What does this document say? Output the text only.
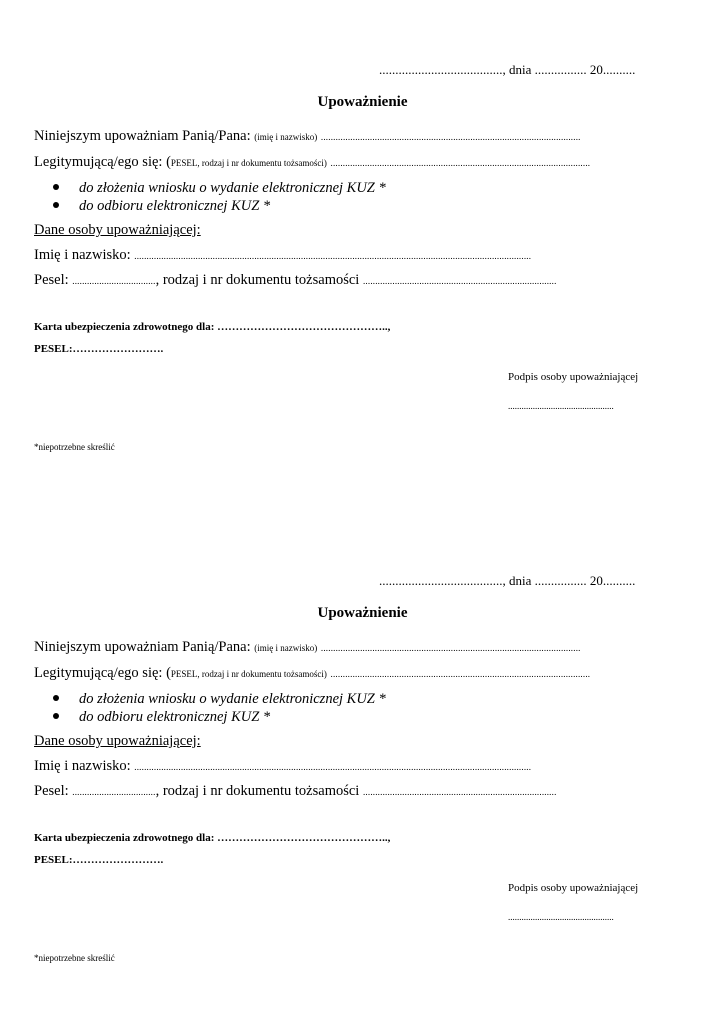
......................................, dnia ................ 20..........
Upoważnienie
Niniejszym upoważniam Panią/Pana: (imię i nazwisko) ..........................................................................................................
Legitymującą/ego się: (PESEL, rodzaj i nr dokumentu tożsamości) ..........................................................................................................
do złożenia wniosku o wydanie elektronicznej KUZ *
do odbioru elektronicznej KUZ *
Dane osoby upoważniającej:
Imię i nazwisko: ..................................................................................................................................................................
Pesel: .................................., rodzaj i nr dokumentu tożsamości ...............................................................................
Karta ubezpieczenia zdrowotnego dla: ………………………………………..,
PESEL:…………………….
Podpis osoby upoważniającej
...............................................
*niepotrzebne skreślić
......................................, dnia ................ 20..........
Upoważnienie
Niniejszym upoważniam Panią/Pana: (imię i nazwisko) ..........................................................................................................
Legitymującą/ego się: (PESEL, rodzaj i nr dokumentu tożsamości) ..........................................................................................................
do złożenia wniosku o wydanie elektronicznej KUZ *
do odbioru elektronicznej KUZ *
Dane osoby upoważniającej:
Imię i nazwisko: ..................................................................................................................................................................
Pesel: .................................., rodzaj i nr dokumentu tożsamości ...............................................................................
Karta ubezpieczenia zdrowotnego dla: ………………………………………..,
PESEL:…………………….
Podpis osoby upoważniającej
...............................................
*niepotrzebne skreślić
